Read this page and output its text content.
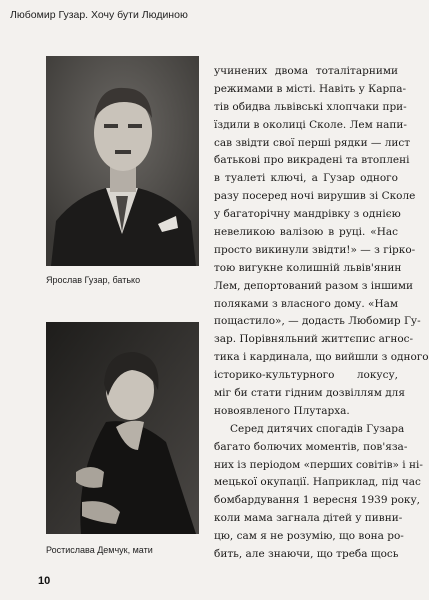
Любомир Гузар. Хочу бути Людиною
Ярослав Гузар, батько
Ростислава Демчук, мати
учинених двома тоталітарними
режимами в місті. Навіть у Карпа-
тів обидва львівські хлопчаки при-
їздили в околиці Сколе. Лем напи-
сав звідти свої перші рядки — лист
батькові про викрадені та втоплені
в туалеті ключі, а Гузар одного
разу посеред ночі вирушив зі Сколе
у багаторічну мандрівку з однією
невеликою валізою в руці. «Нас
просто викинули звідти!» — з гірко-
тою вигукне колишній львів'янин
Лем, депортований разом з іншими
поляками з власного дому. «Нам
пощастило», — додасть Любомир Гу-
зар. Порівняльний життєпис агнос-
тика і кардинала, що вийшли з одного
історико-культурного локусу,
міг би стати гідним дозвіллям для
новоявленого Плутарха.
Серед дитячих спогадів Гузара
багато болючих моментів, пов'яза-
них із періодом «перших совітів» і ні-
мецької окупації. Наприклад, під час
бомбардування 1 вересня 1939 року,
коли мама загнала дітей у пивни-
цю, сам я не розумію, що вона ро-
бить, але знаючи, що треба щось
10
